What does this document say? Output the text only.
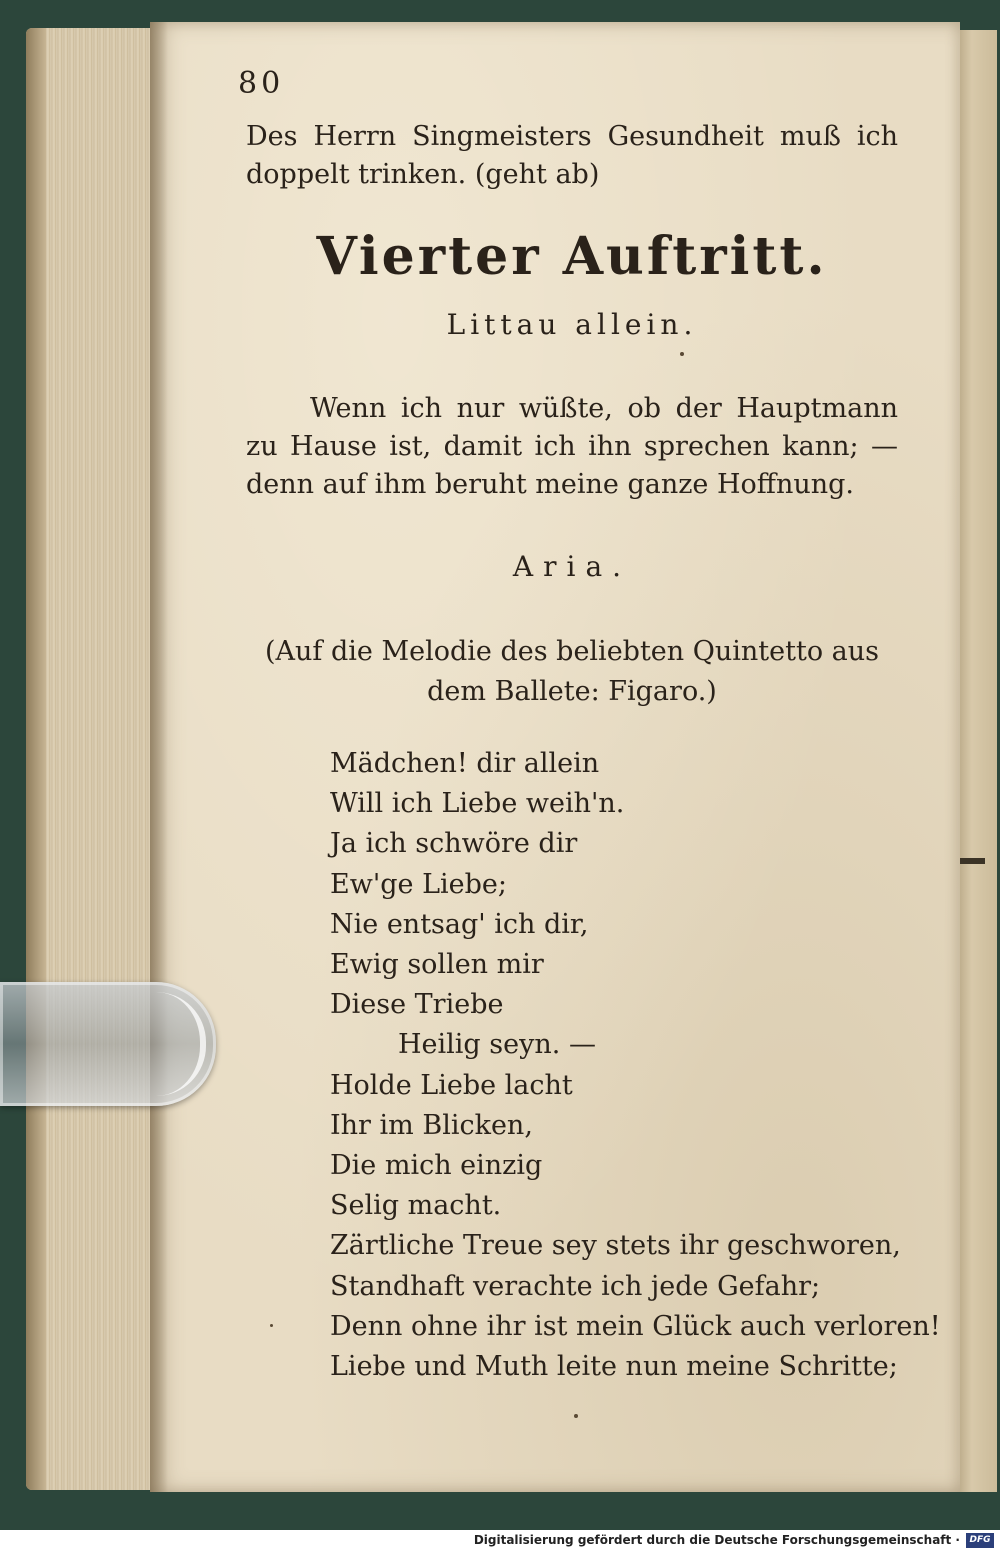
80
Des Herrn Singmeisters Gesundheit muß ich doppelt trinken. (geht ab)
Vierter Auftritt.
Littau allein.
Wenn ich nur wüßte, ob der Hauptmann zu Hause ist, damit ich ihn sprechen kann; — denn auf ihm beruht meine ganze Hoffnung.
Aria.
(Auf die Melodie des beliebten Quintetto aus
dem Ballete: Figaro.)
Mädchen! dir allein
Will ich Liebe weih'n.
Ja ich schwöre dir
Ew'ge Liebe;
Nie entsag' ich dir,
Ewig sollen mir
Diese Triebe
Heilig seyn. —
Holde Liebe lacht
Ihr im Blicken,
Die mich einzig
Selig macht.
Zärtliche Treue sey stets ihr geschworen,
Standhaft verachte ich jede Gefahr;
Denn ohne ihr ist mein Glück auch verloren!
Liebe und Muth leite nun meine Schritte;
Digitalisierung gefördert durch die Deutsche Forschungsgemeinschaft ·	DFG
